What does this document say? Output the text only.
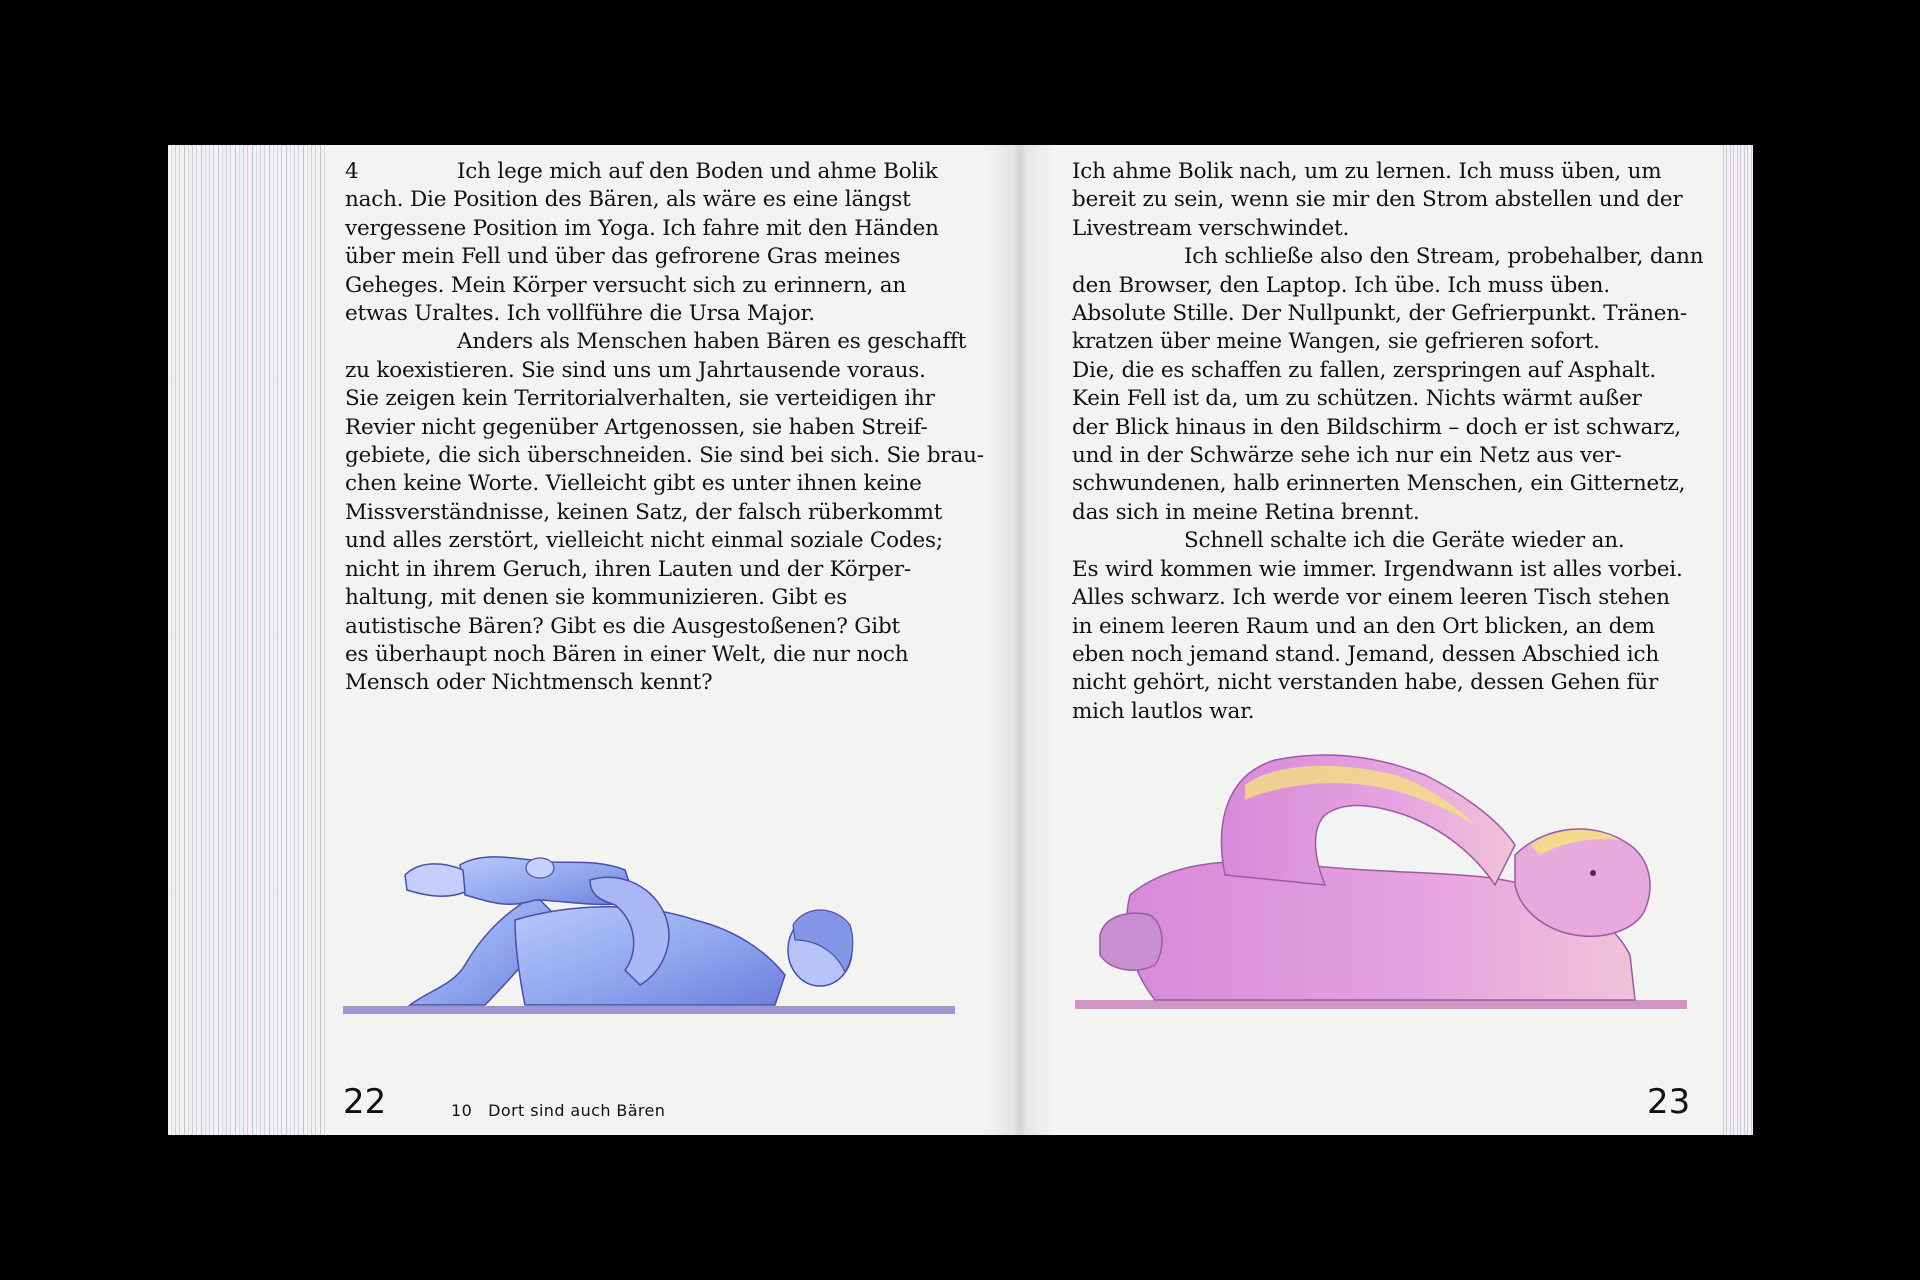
4	Ich lege mich auf den Boden und ahme Bolik
nach. Die Position des Bären, als wäre es eine längst
vergessene Position im Yoga. Ich fahre mit den Händen
über mein Fell und über das gefrorene Gras meines
Geheges. Mein Körper versucht sich zu erinnern, an
etwas Uraltes. Ich vollführe die Ursa Major.

Anders als Menschen haben Bären es geschafft
zu koexistieren. Sie sind uns um Jahrtausende voraus.
Sie zeigen kein Territorialverhalten, sie verteidigen ihr
Revier nicht gegenüber Artgenossen, sie haben Streif-
gebiete, die sich überschneiden. Sie sind bei sich. Sie brau-
chen keine Worte. Vielleicht gibt es unter ihnen keine
Missverständnisse, keinen Satz, der falsch rüberkommt
und alles zerstört, vielleicht nicht einmal soziale Codes;
nicht in ihrem Geruch, ihren Lauten und der Körper-
haltung, mit denen sie kommunizieren. Gibt es
autistische Bären? Gibt es die Ausgestoßenen? Gibt
es überhaupt noch Bären in einer Welt, die nur noch
Mensch oder Nichtmensch kennt?

Ich ahme Bolik nach, um zu lernen. Ich muss üben, um
bereit zu sein, wenn sie mir den Strom abstellen und der
Livestream verschwindet.

Ich schließe also den Stream, probehalber, dann
den Browser, den Laptop. Ich übe. Ich muss üben.
Absolute Stille. Der Nullpunkt, der Gefrierpunkt. Tränen-
kratzen über meine Wangen, sie gefrieren sofort.
Die, die es schaffen zu fallen, zerspringen auf Asphalt.
Kein Fell ist da, um zu schützen. Nichts wärmt außer
der Blick hinaus in den Bildschirm – doch er ist schwarz,
und in der Schwärze sehe ich nur ein Netz aus ver-
schwundenen, halb erinnerten Menschen, ein Gitternetz,
das sich in meine Retina brennt.

Schnell schalte ich die Geräte wieder an.
Es wird kommen wie immer. Irgendwann ist alles vorbei.
Alles schwarz. Ich werde vor einem leeren Tisch stehen
in einem leeren Raum und an den Ort blicken, an dem
eben noch jemand stand. Jemand, dessen Abschied ich
nicht gehört, nicht verstanden habe, dessen Gehen für
mich lautlos war.

22	10 Dort sind auch Bären	23
